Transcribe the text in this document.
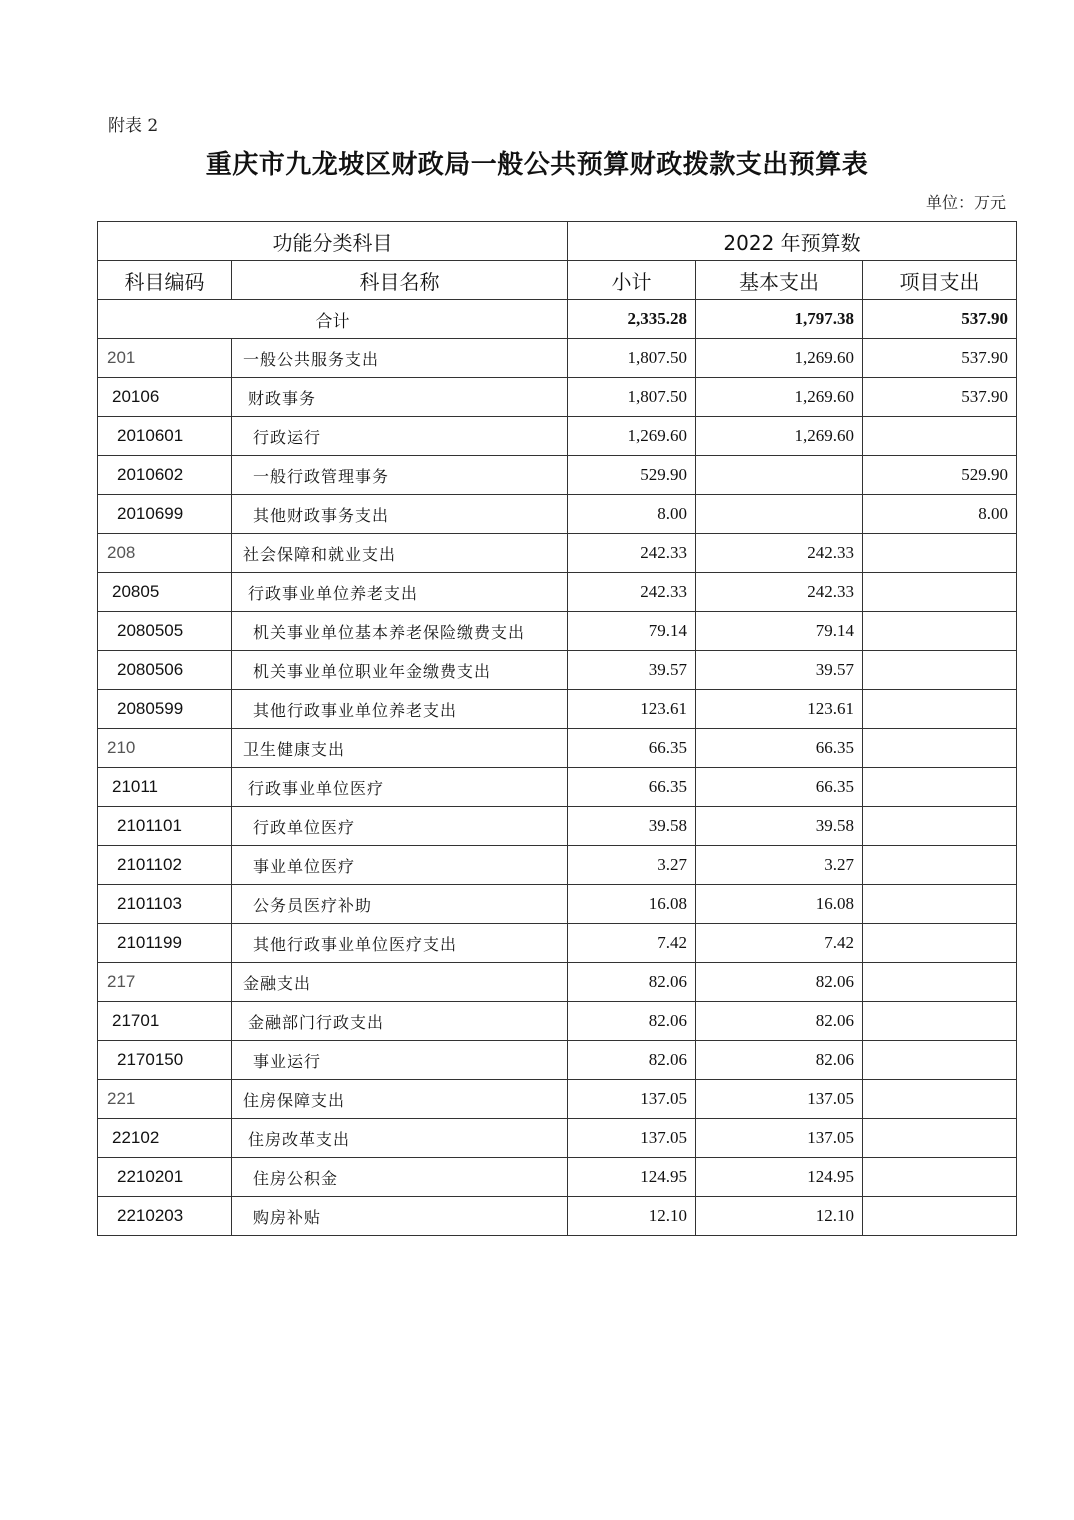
附表 2
重庆市九龙坡区财政局一般公共预算财政拨款支出预算表
单位：万元
功能分类科目		2022 年预算数		
科目编码	科目名称	小计	基本支出	项目支出
合计		2,335.28	1,797.38	537.90
201	一般公共服务支出	1,807.50	1,269.60	537.90
20106	财政事务	1,807.50	1,269.60	537.90
2010601	行政运行	1,269.60	1,269.60	
2010602	一般行政管理事务	529.90		529.90
2010699	其他财政事务支出	8.00		8.00
208	社会保障和就业支出	242.33	242.33	
20805	行政事业单位养老支出	242.33	242.33	
2080505	机关事业单位基本养老保险缴费支出	79.14	79.14	
2080506	机关事业单位职业年金缴费支出	39.57	39.57	
2080599	其他行政事业单位养老支出	123.61	123.61	
210	卫生健康支出	66.35	66.35	
21011	行政事业单位医疗	66.35	66.35	
2101101	行政单位医疗	39.58	39.58	
2101102	事业单位医疗	3.27	3.27	
2101103	公务员医疗补助	16.08	16.08	
2101199	其他行政事业单位医疗支出	7.42	7.42	
217	金融支出	82.06	82.06	
21701	金融部门行政支出	82.06	82.06	
2170150	事业运行	82.06	82.06	
221	住房保障支出	137.05	137.05	
22102	住房改革支出	137.05	137.05	
2210201	住房公积金	124.95	124.95	
2210203	购房补贴	12.10	12.10	
